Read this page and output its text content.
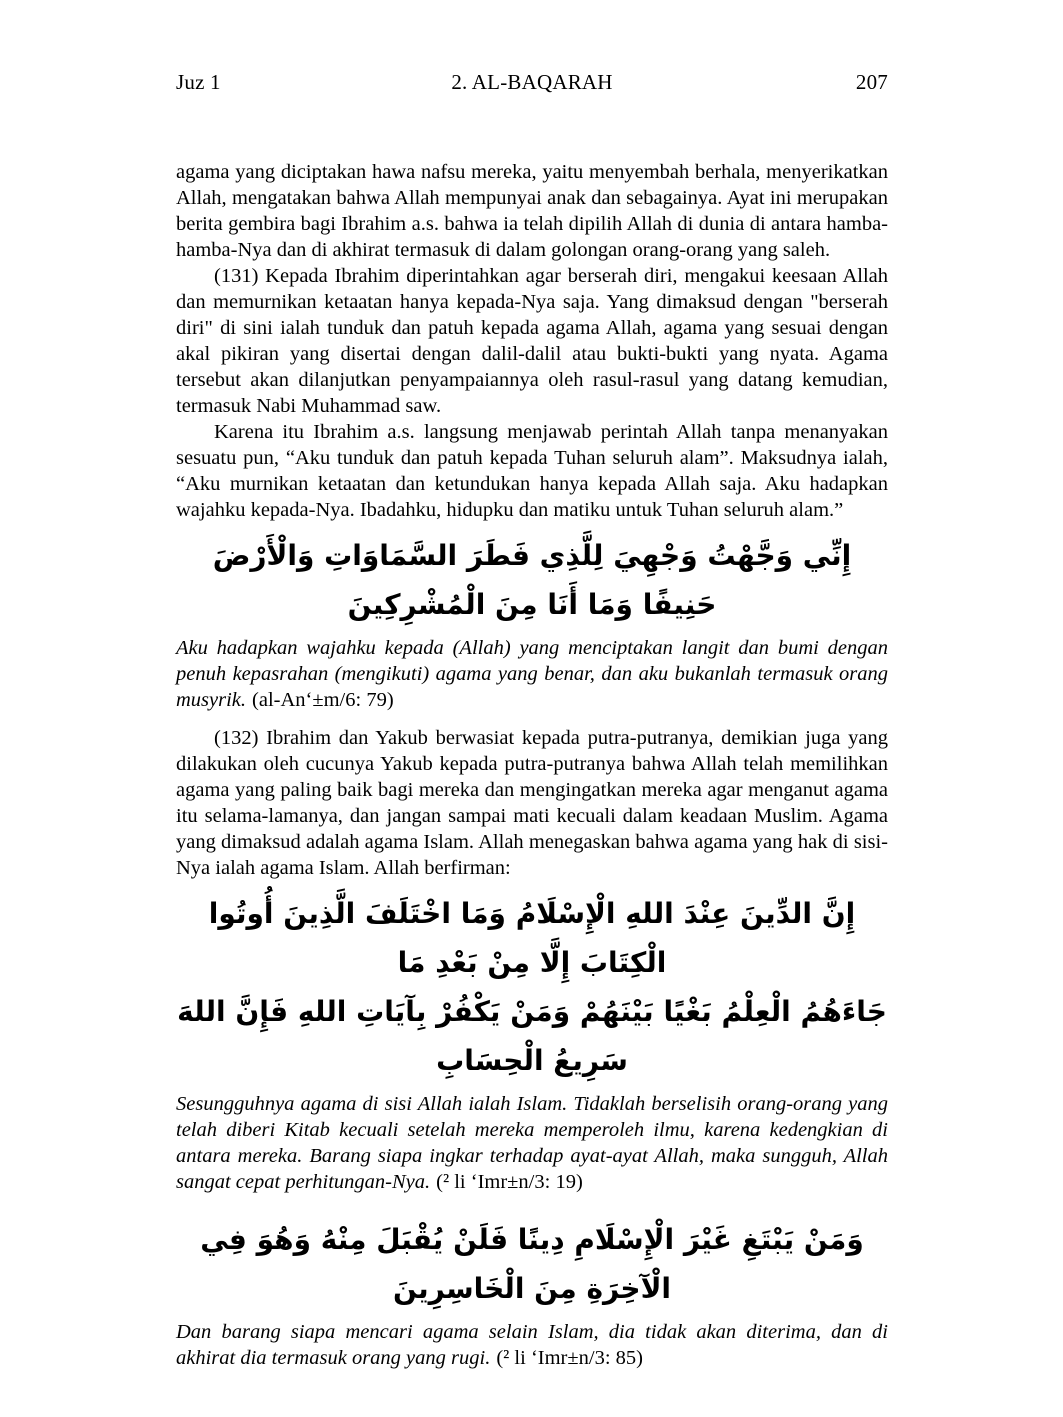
Juz 1	2. AL-BAQARAH	207

agama yang diciptakan hawa nafsu mereka, yaitu menyembah berhala, menyerikatkan Allah, mengatakan bahwa Allah mempunyai anak dan sebagainya. Ayat ini merupakan berita gembira bagi Ibrahim a.s. bahwa ia telah dipilih Allah di dunia di antara hamba-hamba-Nya dan di akhirat termasuk di dalam golongan orang-orang yang saleh.

(131) Kepada Ibrahim diperintahkan agar berserah diri, mengakui keesaan Allah dan memurnikan ketaatan hanya kepada-Nya saja. Yang dimaksud dengan "berserah diri" di sini ialah tunduk dan patuh kepada agama Allah, agama yang sesuai dengan akal pikiran yang disertai dengan dalil-dalil atau bukti-bukti yang nyata. Agama tersebut akan dilanjutkan penyampaiannya oleh rasul-rasul yang datang kemudian, termasuk Nabi Muhammad saw.

Karena itu Ibrahim a.s. langsung menjawab perintah Allah tanpa menanyakan sesuatu pun, “Aku tunduk dan patuh kepada Tuhan seluruh alam”. Maksudnya ialah, “Aku murnikan ketaatan dan ketundukan hanya kepada Allah saja. Aku hadapkan wajahku kepada-Nya. Ibadahku, hidupku dan matiku untuk Tuhan seluruh alam.”

إِنِّي وَجَّهْتُ وَجْهِيَ لِلَّذِي فَطَرَ السَّمَاوَاتِ وَالْأَرْضَ حَنِيفًا وَمَا أَنَا مِنَ الْمُشْرِكِينَ

Aku hadapkan wajahku kepada (Allah) yang menciptakan langit dan bumi dengan penuh kepasrahan (mengikuti) agama yang benar, dan aku bukanlah termasuk orang musyrik. (al-An‘±m/6: 79)

(132) Ibrahim dan Yakub berwasiat kepada putra-putranya, demikian juga yang dilakukan oleh cucunya Yakub kepada putra-putranya bahwa Allah telah memilihkan agama yang paling baik bagi mereka dan mengingatkan mereka agar menganut agama itu selama-lamanya, dan jangan sampai mati kecuali dalam keadaan Muslim. Agama yang dimaksud adalah agama Islam. Allah menegaskan bahwa agama yang hak di sisi-Nya ialah agama Islam. Allah berfirman:

إِنَّ الدِّينَ عِنْدَ اللهِ الْإِسْلَامُ وَمَا اخْتَلَفَ الَّذِينَ أُوتُوا الْكِتَابَ إِلَّا مِنْ بَعْدِ مَا
جَاءَهُمُ الْعِلْمُ بَغْيًا بَيْنَهُمْ وَمَنْ يَكْفُرْ بِآيَاتِ اللهِ فَإِنَّ اللهَ سَرِيعُ الْحِسَابِ

Sesungguhnya agama di sisi Allah ialah Islam. Tidaklah berselisih orang-orang yang telah diberi Kitab kecuali setelah mereka memperoleh ilmu, karena kedengkian di antara mereka. Barang siapa ingkar terhadap ayat-ayat Allah, maka sungguh, Allah sangat cepat perhitungan-Nya. (² li ‘Imr±n/3: 19)

وَمَنْ يَبْتَغِ غَيْرَ الْإِسْلَامِ دِينًا فَلَنْ يُقْبَلَ مِنْهُ وَهُوَ فِي الْآخِرَةِ مِنَ الْخَاسِرِينَ

Dan barang siapa mencari agama selain Islam, dia tidak akan diterima, dan di akhirat dia termasuk orang yang rugi. (² li ‘Imr±n/3: 85)
